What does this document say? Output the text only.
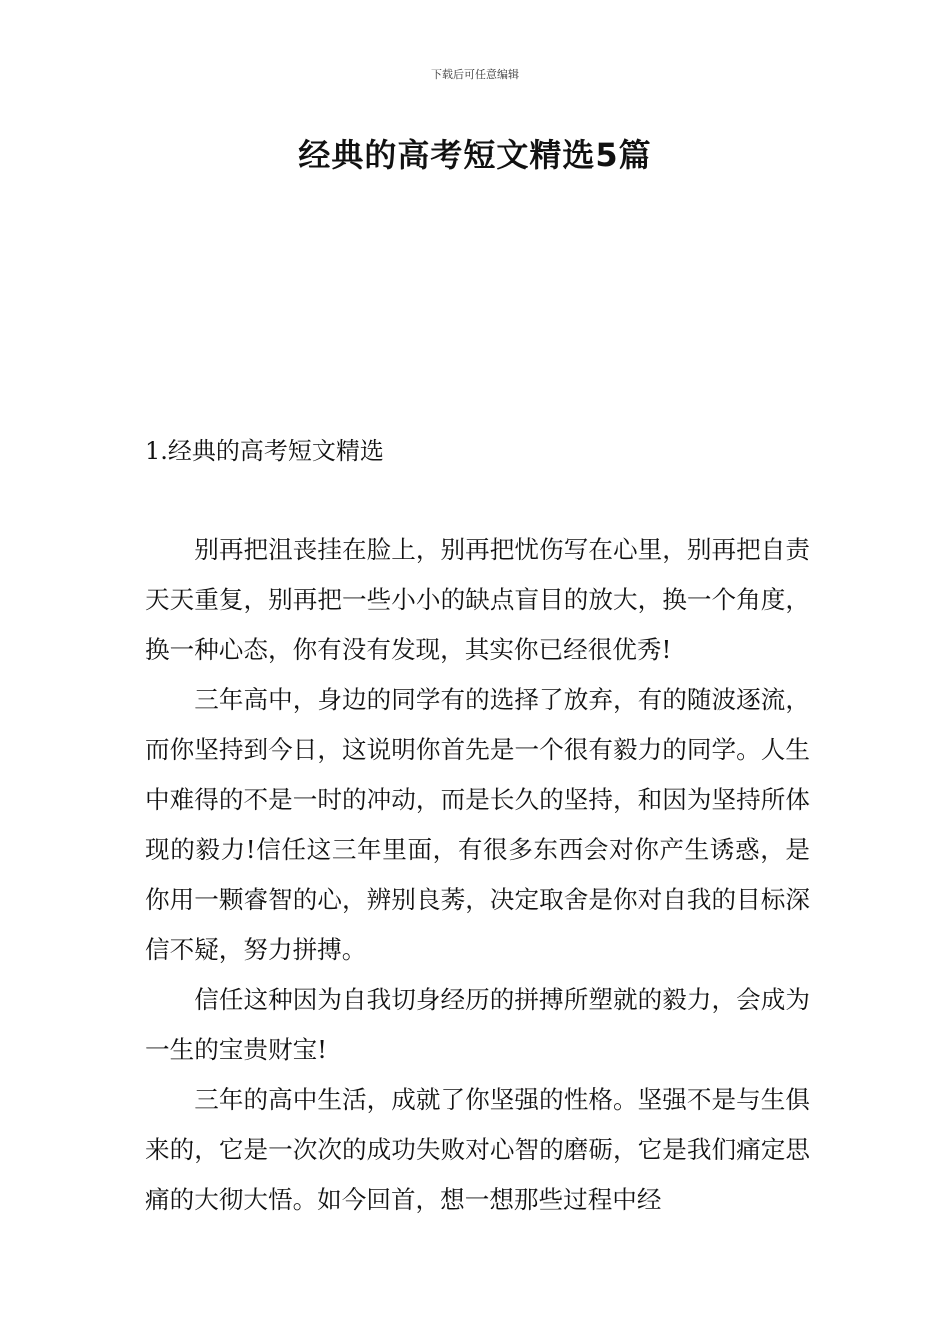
下载后可任意编辑
经典的高考短文精选5篇
1.经典的高考短文精选

别再把沮丧挂在脸上，别再把忧伤写在心里，别再把自责天天重复，别再把一些小小的缺点盲目的放大，换一个角度，换一种心态，你有没有发现，其实你已经很优秀!

三年高中，身边的同学有的选择了放弃，有的随波逐流，而你坚持到今日，这说明你首先是一个很有毅力的同学。人生中难得的不是一时的冲动，而是长久的坚持，和因为坚持所体现的毅力!信任这三年里面，有很多东西会对你产生诱惑，是你用一颗睿智的心，辨别良莠，决定取舍是你对自我的目标深信不疑，努力拼搏。

信任这种因为自我切身经历的拼搏所塑就的毅力，会成为一生的宝贵财宝!

三年的高中生活，成就了你坚强的性格。坚强不是与生俱来的，它是一次次的成功失败对心智的磨砺，它是我们痛定思痛的大彻大悟。如今回首，想一想那些过程中经
